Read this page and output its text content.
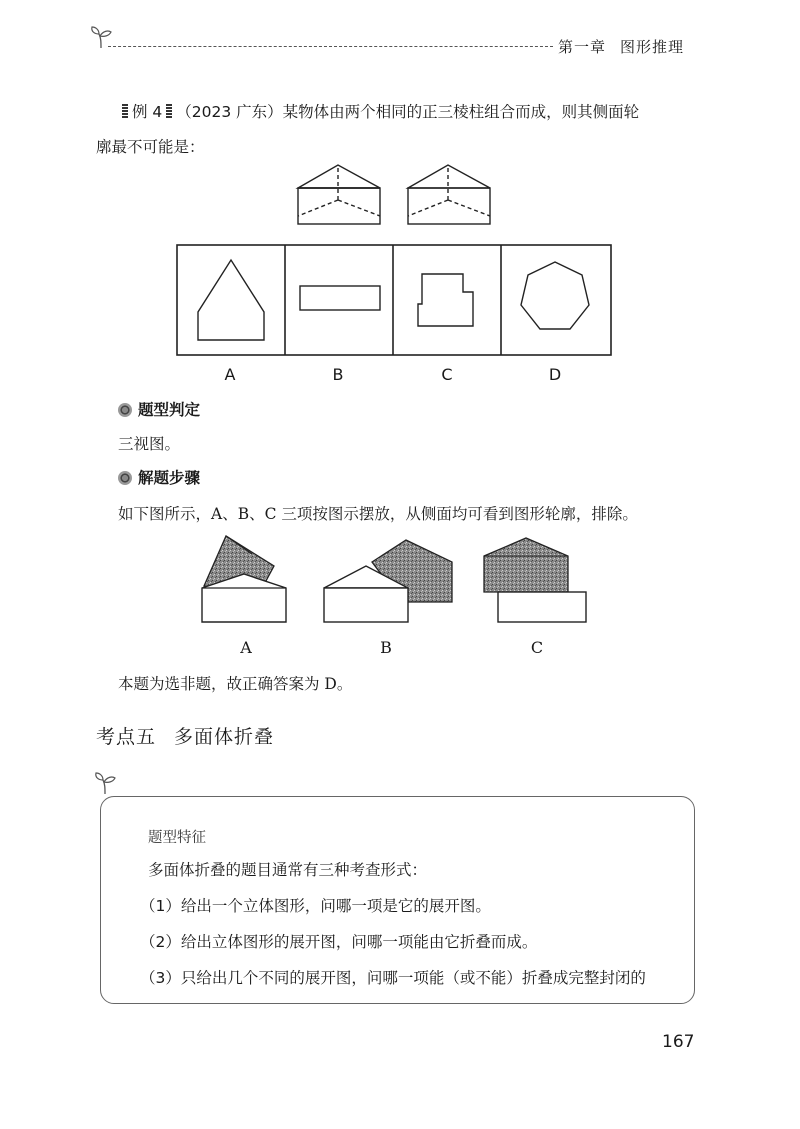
第一章 图形推理
例 4 （2023 广东）某物体由两个相同的正三棱柱组合而成，则其侧面轮
廓最不可能是：
A	B	C	D
题型判定
三视图。
解题步骤
如下图所示，A、B、C 三项按图示摆放，从侧面均可看到图形轮廓，排除。
A	B	C
本题为选非题，故正确答案为 D。
考点五 多面体折叠
题型特征
多面体折叠的题目通常有三种考查形式：
（1）给出一个立体图形，问哪一项是它的展开图。
（2）给出立体图形的展开图，问哪一项能由它折叠而成。
（3）只给出几个不同的展开图，问哪一项能（或不能）折叠成完整封闭的
167
